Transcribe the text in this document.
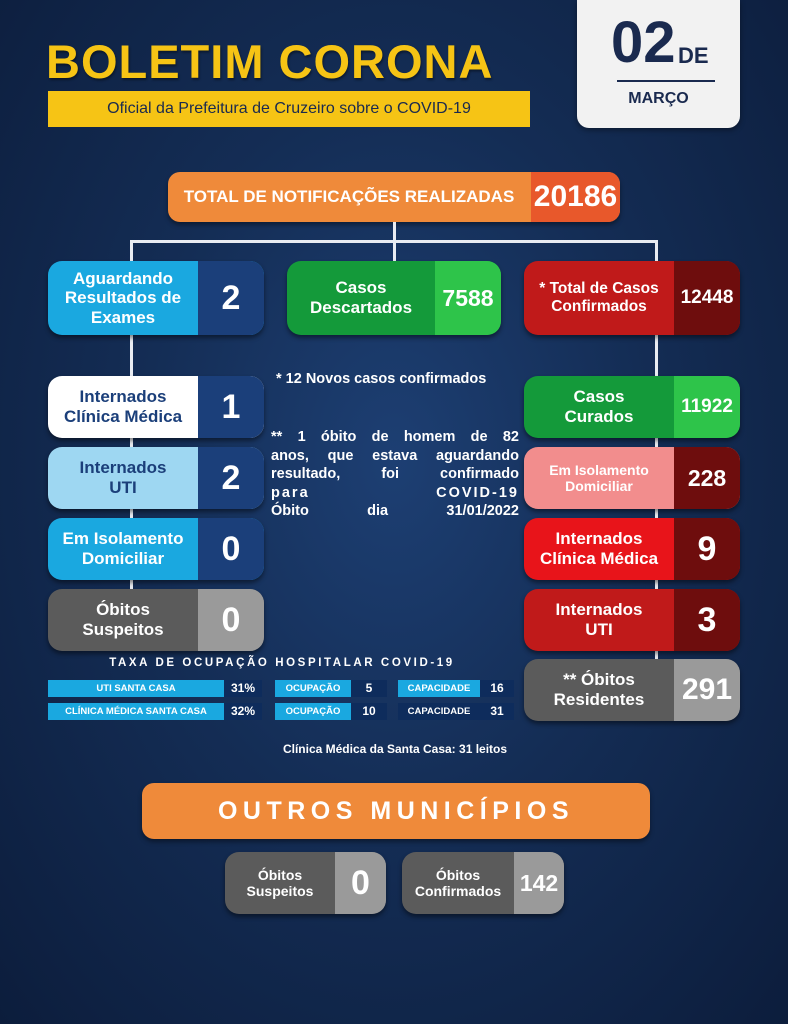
BOLETIM CORONA
Oficial da Prefeitura de Cruzeiro sobre o COVID-19
02 DE
MARÇO
TOTAL DE NOTIFICAÇÕES REALIZADAS 20186
Aguardando Resultados de Exames
2
Internados Clínica Médica	1
Internados UTI	2
Em Isolamento Domiciliar	0
Óbitos Suspeitos	0
Casos Descartados	7588
* 12 Novos casos confirmados
** 1 óbito de homem de 82
anos, que estava aguardando
resultado, foi confirmado
para COVID-19
Óbito dia 31/01/2022
* Total de Casos Confirmados	12448
Casos Curados	11922
Em Isolamento Domiciliar	228
Internados Clínica Médica	9
Internados UTI	3
** Óbitos Residentes	291
TAXA DE OCUPAÇÃO HOSPITALAR COVID-19
UTI SANTA CASA	31%	OCUPAÇÃO	5	CAPACIDADE	16
CLÍNICA MÉDICA SANTA CASA	32%	OCUPAÇÃO	10	CAPACIDADE	31
Clínica Médica da Santa Casa: 31 leitos
OUTROS MUNICÍPIOS
Óbitos Suspeitos	0	Óbitos Confirmados 142
